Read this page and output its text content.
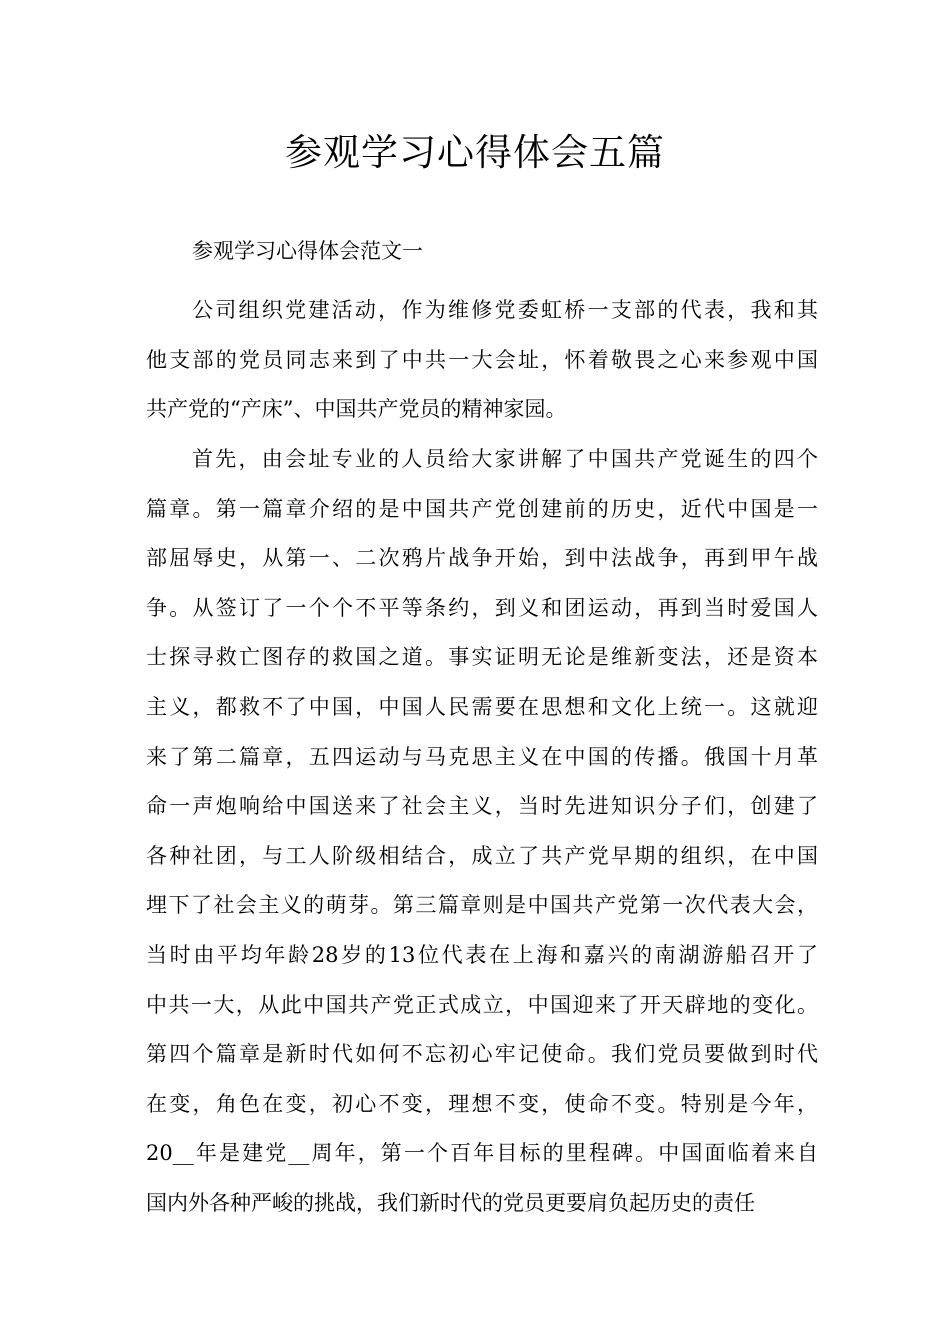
参观学习心得体会五篇
参观学习心得体会范文一

公司组织党建活动，作为维修党委虹桥一支部的代表，我和其
他支部的党员同志来到了中共一大会址，怀着敬畏之心来参观中国
共产党的“产床”、中国共产党员的精神家园。

首先，由会址专业的人员给大家讲解了中国共产党诞生的四个
篇章。第一篇章介绍的是中国共产党创建前的历史，近代中国是一
部屈辱史，从第一、二次鸦片战争开始，到中法战争，再到甲午战
争。从签订了一个个不平等条约，到义和团运动，再到当时爱国人
士探寻救亡图存的救国之道。事实证明无论是维新变法，还是资本
主义，都救不了中国，中国人民需要在思想和文化上统一。这就迎
来了第二篇章，五四运动与马克思主义在中国的传播。俄国十月革
命一声炮响给中国送来了社会主义，当时先进知识分子们，创建了
各种社团，与工人阶级相结合，成立了共产党早期的组织，在中国
埋下了社会主义的萌芽。第三篇章则是中国共产党第一次代表大会，
当时由平均年龄28岁的13位代表在上海和嘉兴的南湖游船召开了
中共一大，从此中国共产党正式成立，中国迎来了开天辟地的变化。
第四个篇章是新时代如何不忘初心牢记使命。我们党员要做到时代
在变，角色在变，初心不变，理想不变，使命不变。特别是今年，
20__年是建党__周年，第一个百年目标的里程碑。中国面临着来自
国内外各种严峻的挑战，我们新时代的党员更要肩负起历史的责任
